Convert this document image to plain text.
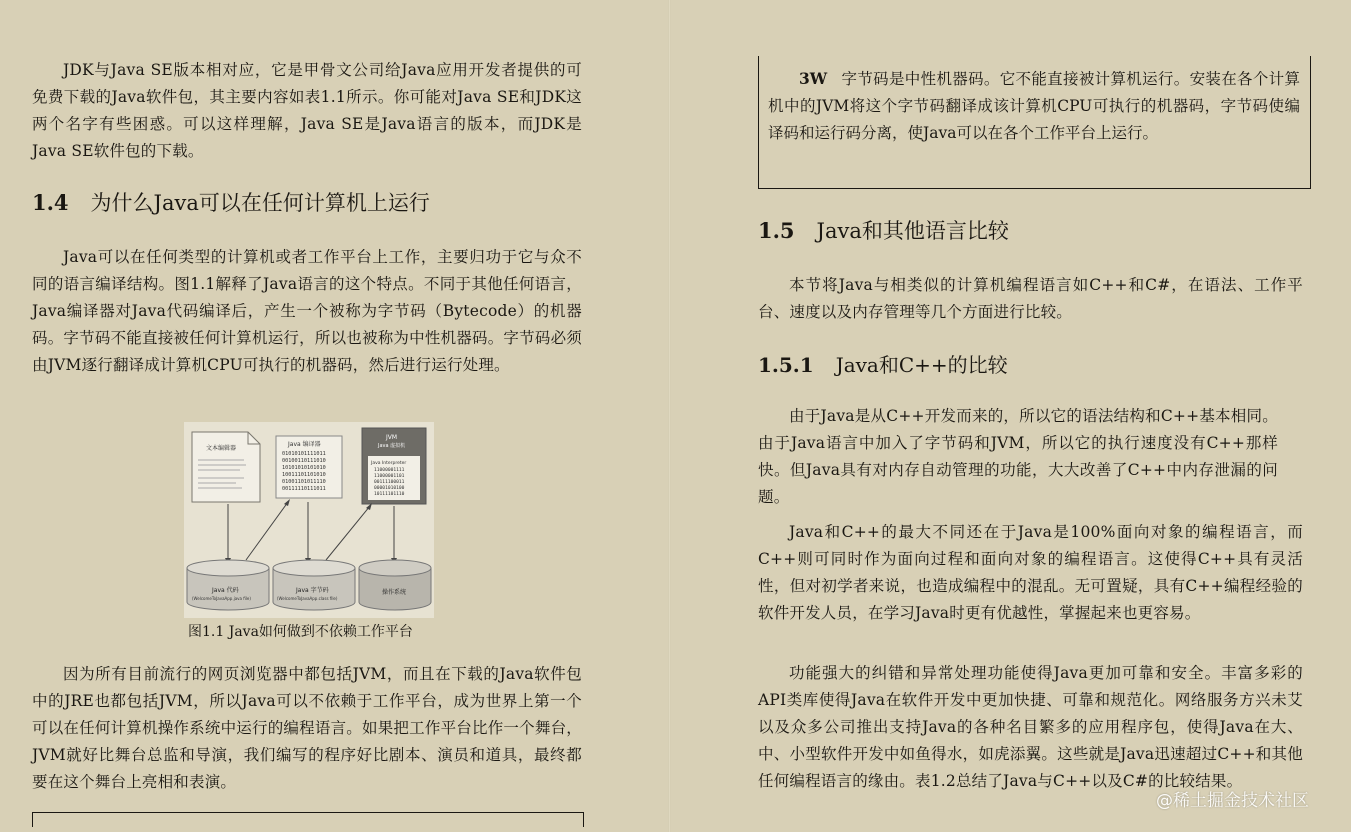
JDK与Java SE版本相对应，它是甲骨文公司给Java应用开发者提供的可免费下载的Java软件包，其主要内容如表1.1所示。你可能对Java SE和JDK这两个名字有些困惑。可以这样理解，Java SE是Java语言的版本，而JDK是Java SE软件包的下载。

1.4 为什么Java可以在任何计算机上运行

Java可以在任何类型的计算机或者工作平台上工作，主要归功于它与众不同的语言编译结构。图1.1解释了Java语言的这个特点。不同于其他任何语言，Java编译器对Java代码编译后，产生一个被称为字节码（Bytecode）的机器码。字节码不能直接被任何计算机运行，所以也被称为中性机器码。字节码必须由JVM逐行翻译成计算机CPU可执行的机器码，然后进行运行处理。

文本编辑器
Java 编译器
01010101111011
00100110111010
10101010101010
10011101101010
01001101011110
00111110111011
JVM
Java 虚拟机
Java Interpreter
11000001111
11000001101
00111100011
00001010100
10111101110
Java 代码
(WelcomeToJavaApp.java file)
Java 字节码
(WelcomeToJavaApp.class file)
操作系统
图1.1 Java如何做到不依赖工作平台

因为所有目前流行的网页浏览器中都包括JVM，而且在下载的Java软件包中的JRE也都包括JVM，所以Java可以不依赖于工作平台，成为世界上第一个可以在任何计算机操作系统中运行的编程语言。如果把工作平台比作一个舞台，JVM就好比舞台总监和导演，我们编写的程序好比剧本、演员和道具，最终都要在这个舞台上亮相和表演。

3W 字节码是中性机器码。它不能直接被计算机运行。安装在各个计算机中的JVM将这个字节码翻译成该计算机CPU可执行的机器码，字节码使编译码和运行码分离，使Java可以在各个工作平台上运行。

1.5 Java和其他语言比较

本节将Java与相类似的计算机编程语言如C++和C#，在语法、工作平台、速度以及内存管理等几个方面进行比较。

1.5.1 Java和C++的比较

由于Java是从C++开发而来的，所以它的语法结构和C++基本相同。由于Java语言中加入了字节码和JVM，所以它的执行速度没有C++那样快。但Java具有对内存自动管理的功能，大大改善了C++中内存泄漏的问题。

Java和C++的最大不同还在于Java是100%面向对象的编程语言，而C++则可同时作为面向过程和面向对象的编程语言。这使得C++具有灵活性，但对初学者来说，也造成编程中的混乱。无可置疑，具有C++编程经验的软件开发人员，在学习Java时更有优越性，掌握起来也更容易。

功能强大的纠错和异常处理功能使得Java更加可靠和安全。丰富多彩的API类库使得Java在软件开发中更加快捷、可靠和规范化。网络服务方兴未艾以及众多公司推出支持Java的各种名目繁多的应用程序包，使得Java在大、中、小型软件开发中如鱼得水，如虎添翼。这些就是Java迅速超过C++和其他任何编程语言的缘由。表1.2总结了Java与C++以及C#的比较结果。

@稀土掘金技术社区
